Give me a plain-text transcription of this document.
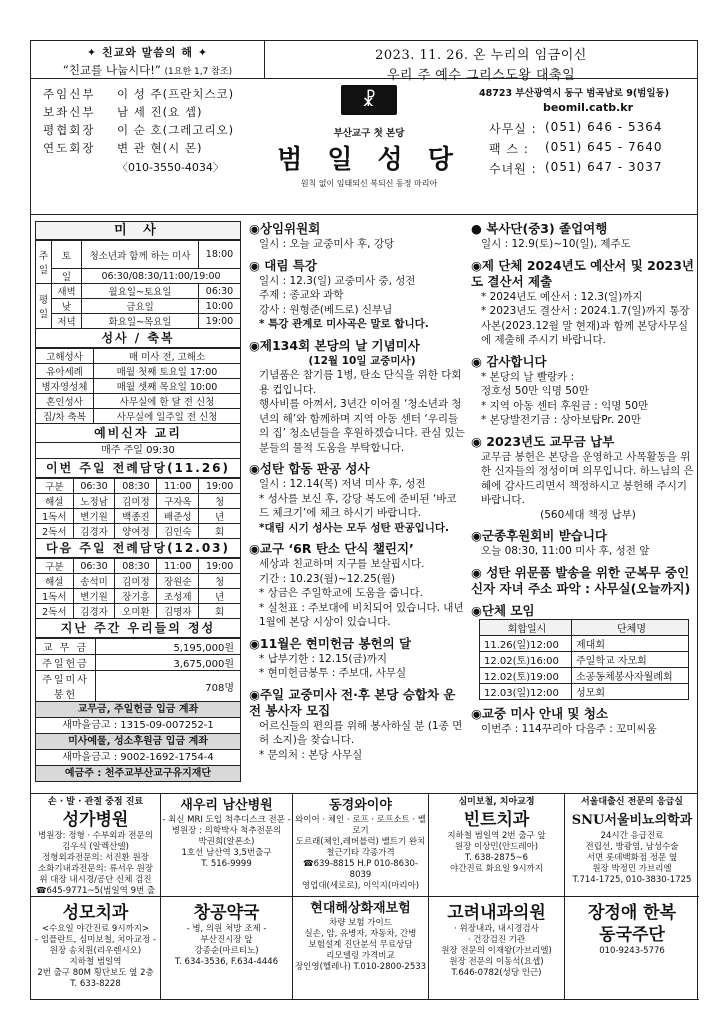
✦ 친교와 말씀의 해 ✦
“친교를 나눕시다!” (1요한 1,7 참조)
2023. 11. 26. 온 누리의 임금이신
우리 주 예수 그리스도왕 대축일
주임신부	이 성 주(프란치스코)
보좌신부	남 세 진(요 셉)
평협회장	이 순 호(그레고리오)
연도회장	변 관 현(시 몬)
〈010-3550-4034〉
☧
부산교구 첫 본당
범 일 성 당
원칙 없이 임태되신 복되신 동정 마리아
48723 부산광역시 동구 범곡남로 9(범일동)
beomil.catb.kr
사무실 : (051) 646 - 5364
팩 스 :	(051) 645 - 7640
수녀원 : (051) 647 - 3037
미 사
주일	토	청소년과 함께 하는 미사	18:00
	일	06:30/08:30/11:00/19:00	
평일	새벽	월요일~토요일	06:30
	낮	금요일	10:00
	저녁	화요일~목요일	19:00
성사 / 축복
고해성사	매 미사 전, 고해소
유아세례	매월 첫째 토요일 17:00
병자영성체	매월 셋째 목요일 10:00
혼인성사	사무실에 한 달 전 신청
집/차 축복	사무실에 일주일 전 신청
예비신자 교리
매주 주일 09:30
이번 주일 전례담당(11.26)
구분	06:30	08:30	11:00	19:00
해설	노정남	김미정	구자옥	청
1독서	변기원	백종진	배준성	년
2독서	김경자	양여정	김인숙	회
다음 주일 전례담당(12.03)
구분	06:30	08:30	11:00	19:00
해설	송석미	김미정	장원순	청
1독서	변기원	장기흥	조성제	년
2독서	김경자	오미환	김명자	회
지난 주간 우리들의 정성
교 무 금	5,195,000원
주일헌금	3,675,000원
주일미사봉헌	708명
교무금, 주일헌금 입금 계좌
새마을금고 : 1315-09-007252-1
미사예물, 성소후원금 입금 계좌
새마을금고 : 9002-1692-1754-4
예금주 : 천주교부산교구유지재단
◉상임위원회

일시 : 오늘 교중미사 후, 강당

◉ 대림 특강

일시 : 12.3(일) 교중미사 중, 성전

주제 : 종교와 과학

강사 : 원형준(베드로) 신부님

* 특강 관계로 미사곡은 말로 합니다.

◉제134회 본당의 날 기념미사

(12월 10일 교중미사)

기념품은 참기름 1병, 탄소 단식을 위한 다회용 컵입니다.

행사비를 아껴서, 3년간 이어질 ‘청소년과 청년의 해’와 함께하며 지역 아동 센터 ‘우리들의 집’ 청소년들을 후원하겠습니다. 관심 있는 분들의 물적 도움을 부탁합니다.

◉성탄 합동 판공 성사

일시 : 12.14(목) 저녁 미사 후, 성전

* 성사를 보신 후, 강당 복도에 준비된 ‘바코드 체크기’에 체크 하시기 바랍니다.

*대림 시기 성사는 모두 성탄 판공입니다.

◉교구 ‘6R 탄소 단식 챌린지’

세상과 친교하며 지구를 보살핍시다.

기간 : 10.23(월)~12.25(월)

* 상금은 주일학교에 도움을 줍니다.

* 실천표 : 주보대에 비치되어 있습니다. 내년 1월에 본당 시상이 있습니다.

◉11월은 현미헌금 봉헌의 달

* 납부기한 : 12.15(금)까지

* 현미헌금봉투 : 주보대, 사무실

◉주일 교중미사 전·후 본당 승합차 운전 봉사자 모집

어르신들의 편의를 위해 봉사하실 분 (1종 면허 소지)을 찾습니다.

* 문의처 : 본당 사무실

● 복사단(중3) 졸업여행

일시 : 12.9(토)~10(일), 제주도

◉제 단체 2024년도 예산서 및 2023년도 결산서 제출

* 2024년도 예산서 : 12.3(일)까지

* 2023년도 결산서 : 2024.1.7(일)까지 통장 사본(2023.12월 말 현재)과 함께 본당사무실에 제출해 주시기 바랍니다.

◉ 감사합니다

* 본당의 날 빨랑카 :

정호성 50만 익명 50만

* 지역 아동 센터 후원금 : 익명 50만

* 본당발전기금 : 상아보탑Pr. 20만

◉ 2023년도 교무금 납부

교무금 봉헌은 본당을 운영하고 사목활동을 위한 신자들의 정성이며 의무입니다. 하느님의 은혜에 감사드리면서 책정하시고 봉헌해 주시기 바랍니다.

(560세대 책정 납부)

◉군종후원회비 받습니다

오늘 08:30, 11:00 미사 후, 성전 앞

◉ 성탄 위문품 발송을 위한 군복무 중인 신자 자녀 주소 파악 : 사무실(오늘까지)
◉단체 모임
회합일시	단체명
11.26(일)12:00	제대회
12.02(토)16:00	주일학교 자모회
12.02(토)19:00	소공동체봉사자월례회
12.03(일)12:00	성모회
◉교중 미사 안내 및 청소

이번주 : 114꾸리아 다음주 : 꼬미씨움

손 · 발 · 관절 중점 진료
성가병원
병원장: 정형 · 수부외과 전문의
김우식 (알렉산델)
정형외과전문의: 서진환 원장
소화기내과전문의: 류서우 원장
위 대장 내시경/공단 신체 검진
☎645-9771~5(범일역 9번 출
새우리 남산병원
- 최신 MRI 도입 척추디스크 전문 -
병원장 : 의학박사 척추전문의
박권희(알폰소)
1호선 남산역 3,5번출구
T. 516-9999
동경와이야
와이어 · 체인 · 로프 · 로프소트 · 벨로기
도르래(체인,레버블럭) 밸트기 완치
철근기타 각종가격
☎639-8815 H.P 010-8630-8039
영업대(세로로), 이익지(마리아)
심미보철, 치아교정
빈트치과
지하철 범일역 2번 출구 앞
원장 이상민(안드레아)
T. 638-2875~6
야간진료 화요일 9시까지
서울대출신 전문의 응급실
SNU서울비뇨의학과
24시간 응급진료
전립선, 방광염, 남성수술
서면 롯데백화점 정문 옆
원장 박정민 가브리엘
T.714-1725, 010-3830-1725
성모치과
<수요일 야간진료 9시까지>
- 임플란트, 심미보철, 치아교정 -
원장 송치원(리우렌시오)
지하철 범일역
2번 출구 80M 횡단보도 옆 2층
T. 633-8228
창공약국
- 병, 의원 처방 조제 -
부산진시장 앞
강종순(마르티노)
T. 634-3536, F.634-4446
현대해상화재보험
차량 보험 가이드
실손, 암, 유병자, 자동차, 간병
보험설계 진단분석 무료상담
리모델링 가격비교
장인영(헬레나) T.010-2800-2533
고려내과의원
· 위장내과, 내시경검사
· 건강검진 기관
원장 전문의 이재왕(가브리엘)
원장 전문의 이동석(요셉)
T.646-0782(성당 인근)
장정애 한복
동국주단
010-9243-5776
